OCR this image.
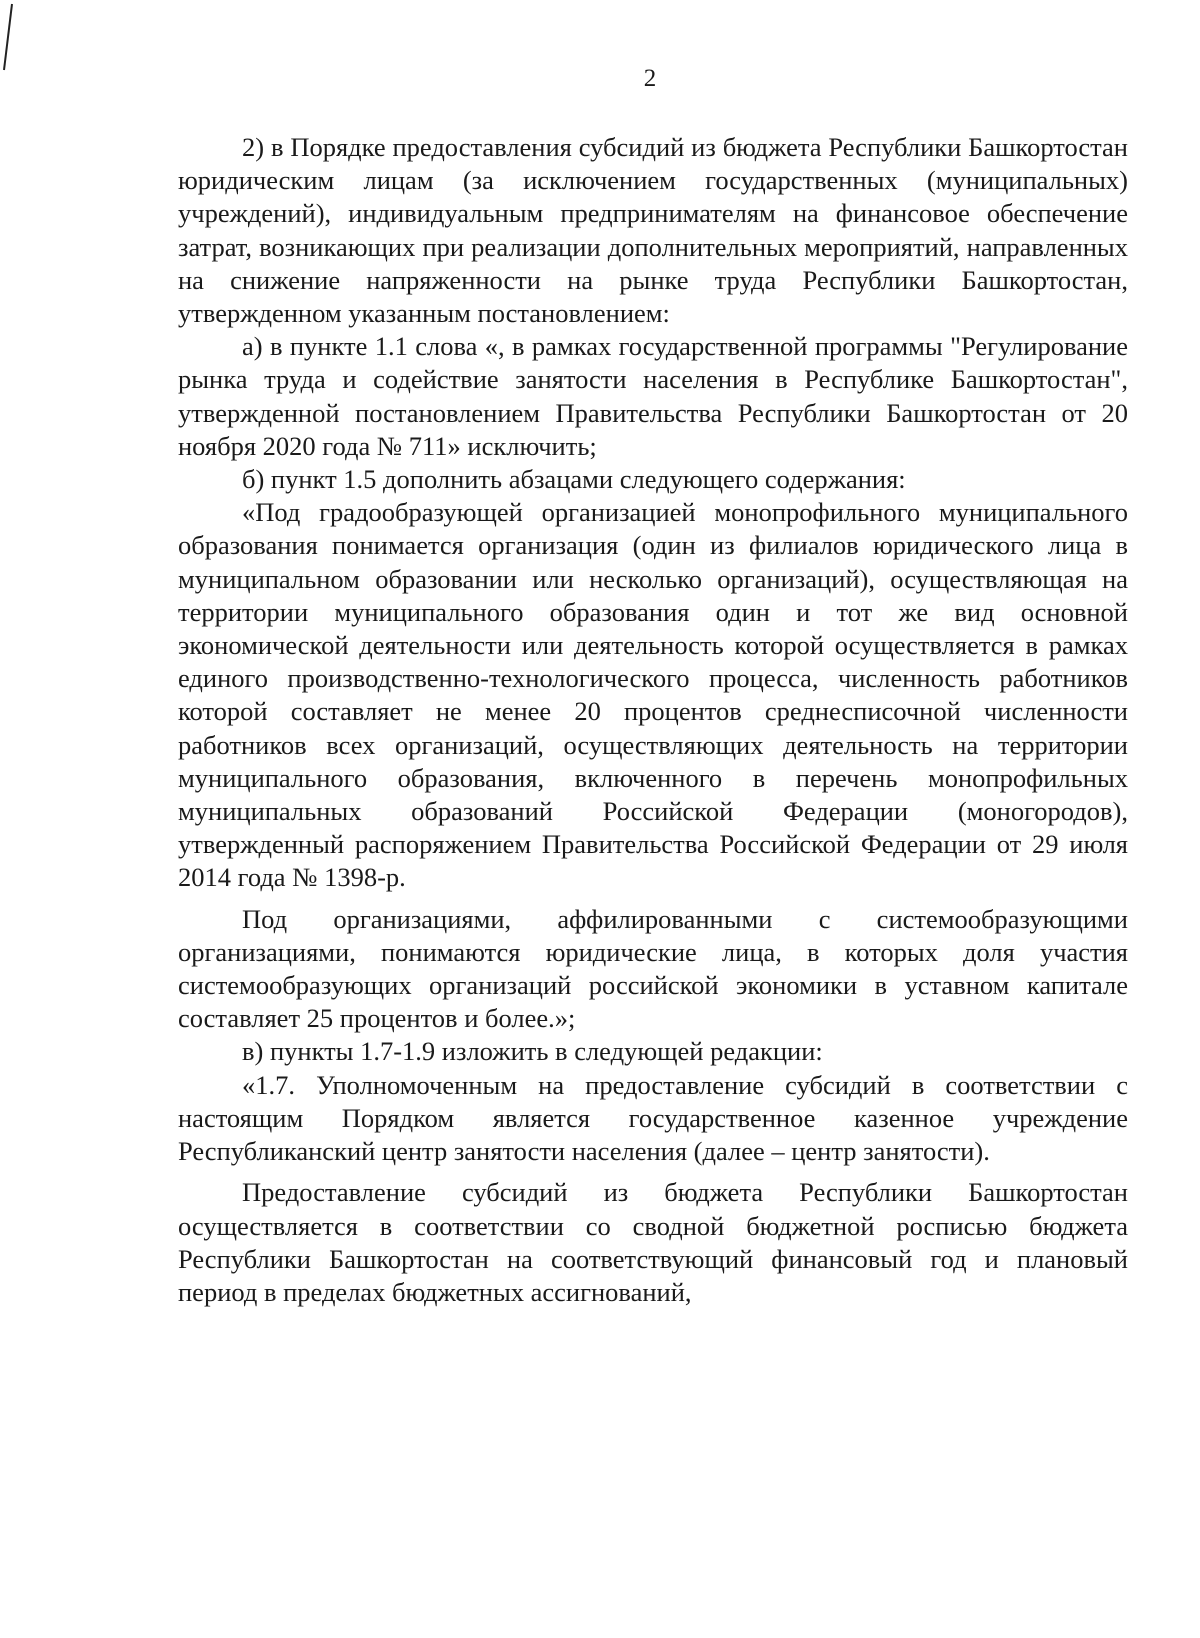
2

2) в Порядке предоставления субсидий из бюджета Республики Башкортостан юридическим лицам (за исключением государственных (муниципальных) учреждений), индивидуальным предпринимателям на финансовое обеспечение затрат, возникающих при реализации дополнительных мероприятий, направленных на снижение напряженности на рынке труда Республики Башкортостан, утвержденном указанным постановлением:

а) в пункте 1.1 слова «, в рамках государственной программы "Регулирование рынка труда и содействие занятости населения в Республике Башкортостан", утвержденной постановлением Правительства Республики Башкортостан от 20 ноября 2020 года № 711» исключить;

б) пункт 1.5 дополнить абзацами следующего содержания:

«Под градообразующей организацией монопрофильного муниципального образования понимается организация (один из филиалов юридического лица в муниципальном образовании или несколько организаций), осуществляющая на территории муниципального образования один и тот же вид основной экономической деятельности или деятельность которой осуществляется в рамках единого производственно-технологического процесса, численность работников которой составляет не менее 20 процентов среднесписочной численности работников всех организаций, осуществляющих деятельность на территории муниципального образования, включенного в перечень монопрофильных муниципальных образований Российской Федерации (моногородов), утвержденный распоряжением Правительства Российской Федерации от 29 июля 2014 года № 1398-р.

Под организациями, аффилированными с системообразующими организациями, понимаются юридические лица, в которых доля участия системообразующих организаций российской экономики в уставном капитале составляет 25 процентов и более.»;

в) пункты 1.7-1.9 изложить в следующей редакции:

«1.7. Уполномоченным на предоставление субсидий в соответствии с настоящим Порядком является государственное казенное учреждение Республиканский центр занятости населения (далее – центр занятости).

Предоставление субсидий из бюджета Республики Башкортостан осуществляется в соответствии со сводной бюджетной росписью бюджета Республики Башкортостан на соответствующий финансовый год и плановый период в пределах бюджетных ассигнований,
